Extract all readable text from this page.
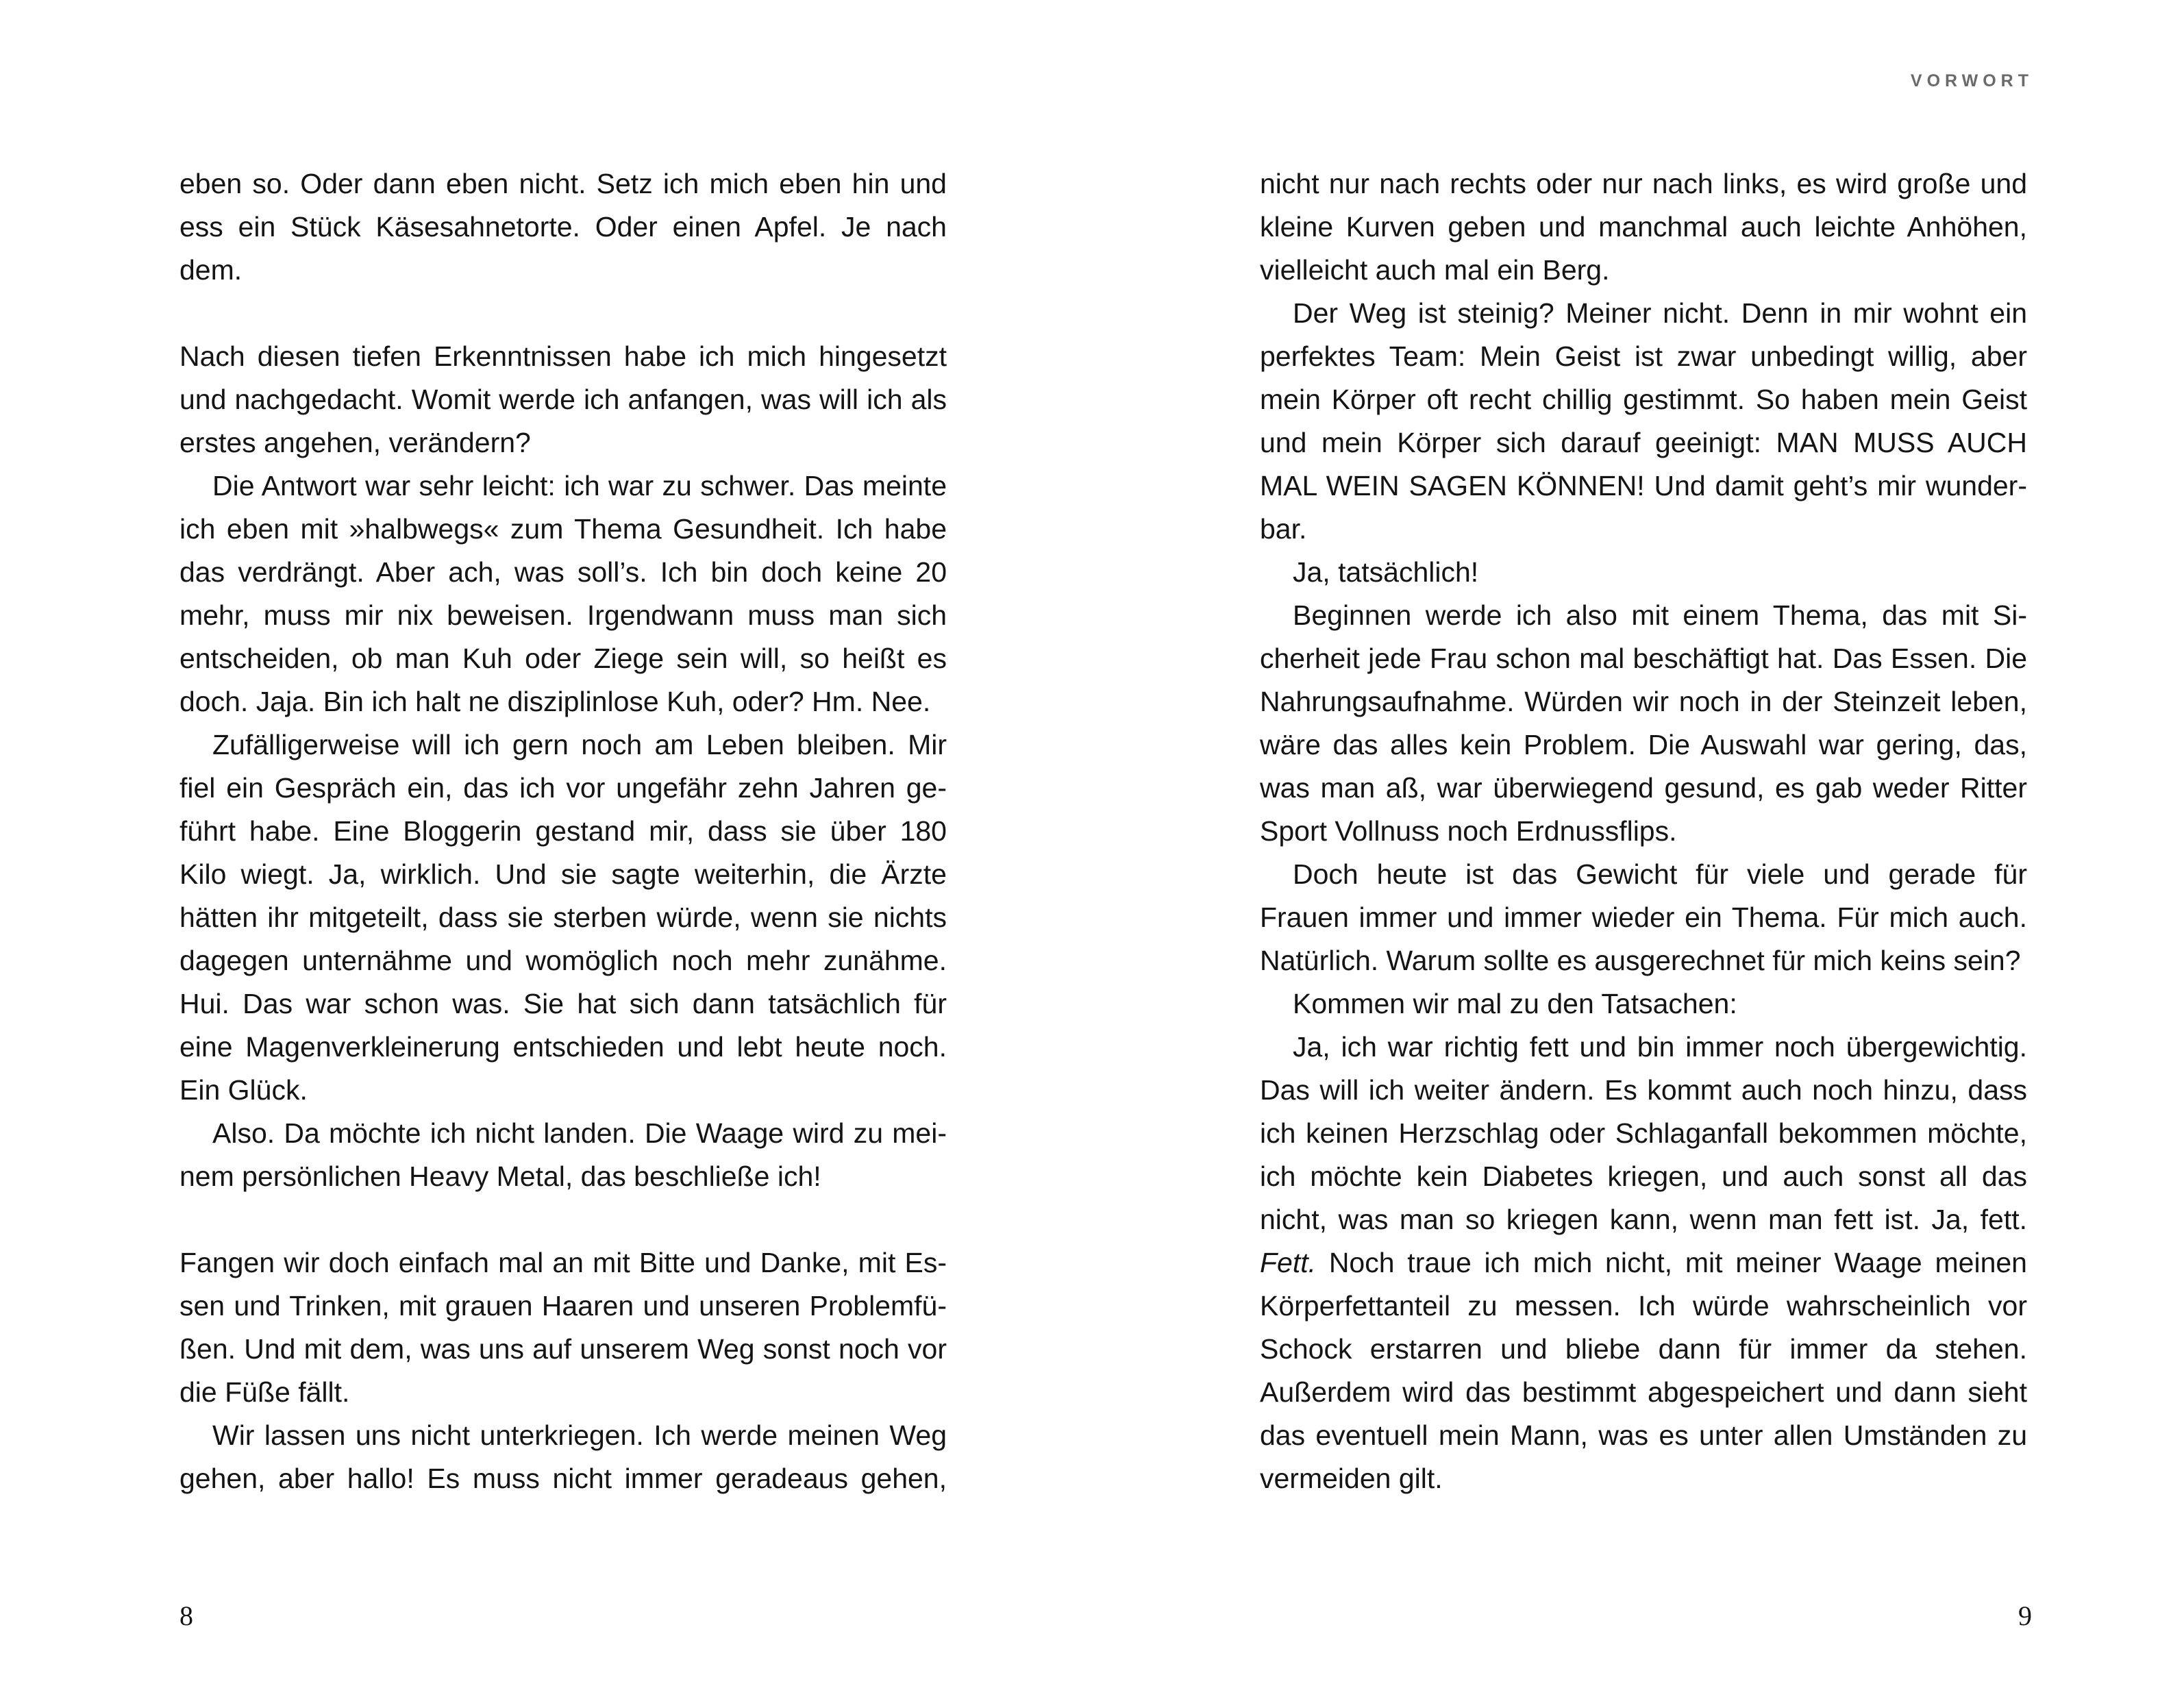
eben so. Oder dann eben nicht. Setz ich mich eben hin und ess ein Stück Käsesahnetorte. Oder einen Apfel. Je nach dem.

Nach diesen tiefen Erkenntnissen habe ich mich hingesetzt und nachgedacht. Womit werde ich anfangen, was will ich als erstes angehen, verändern?

Die Antwort war sehr leicht: ich war zu schwer. Das meinte ich eben mit »halbwegs« zum Thema Gesundheit. Ich habe das verdrängt. Aber ach, was soll’s. Ich bin doch keine 20 mehr, muss mir nix beweisen. Irgendwann muss man sich entscheiden, ob man Kuh oder Ziege sein will, so heißt es doch. Jaja. Bin ich halt ne disziplinlose Kuh, oder? Hm. Nee.

Zufälligerweise will ich gern noch am Leben bleiben. Mir fiel ein Gespräch ein, das ich vor ungefähr zehn Jahren geführt habe. Eine Bloggerin gestand mir, dass sie über 180 Kilo wiegt. Ja, wirklich. Und sie sagte weiterhin, die Ärzte hätten ihr mitgeteilt, dass sie sterben würde, wenn sie nichts dagegen unternähme und womöglich noch mehr zunähme. Hui. Das war schon was. Sie hat sich dann tatsächlich für eine Magenverkleinerung entschieden und lebt heute noch. Ein Glück.

Also. Da möchte ich nicht landen. Die Waage wird zu meinem persönlichen Heavy Metal, das beschließe ich!

Fangen wir doch einfach mal an mit Bitte und Danke, mit Essen und Trinken, mit grauen Haaren und unseren Problemfüßen. Und mit dem, was uns auf unserem Weg sonst noch vor die Füße fällt.

Wir lassen uns nicht unterkriegen. Ich werde meinen Weg gehen, aber hallo! Es muss nicht immer geradeaus gehen,

8
VORWORT

nicht nur nach rechts oder nur nach links, es wird große und kleine Kurven geben und manchmal auch leichte Anhöhen, vielleicht auch mal ein Berg.

Der Weg ist steinig? Meiner nicht. Denn in mir wohnt ein perfektes Team: Mein Geist ist zwar unbedingt willig, aber mein Körper oft recht chillig gestimmt. So haben mein Geist und mein Körper sich darauf geeinigt: MAN MUSS AUCH MAL WEIN SAGEN KÖNNEN! Und damit geht’s mir wunderbar.

Ja, tatsächlich!

Beginnen werde ich also mit einem Thema, das mit Sicherheit jede Frau schon mal beschäftigt hat. Das Essen. Die Nahrungsaufnahme. Würden wir noch in der Steinzeit leben, wäre das alles kein Problem. Die Auswahl war gering, das, was man aß, war überwiegend gesund, es gab weder Ritter Sport Vollnuss noch Erdnussflips.

Doch heute ist das Gewicht für viele und gerade für Frauen immer und immer wieder ein Thema. Für mich auch. Natürlich. Warum sollte es ausgerechnet für mich keins sein?

Kommen wir mal zu den Tatsachen:

Ja, ich war richtig fett und bin immer noch übergewichtig. Das will ich weiter ändern. Es kommt auch noch hinzu, dass ich keinen Herzschlag oder Schlaganfall bekommen möchte, ich möchte kein Diabetes kriegen, und auch sonst all das nicht, was man so kriegen kann, wenn man fett ist. Ja, fett. Fett. Noch traue ich mich nicht, mit meiner Waage meinen Körperfettanteil zu messen. Ich würde wahrscheinlich vor Schock erstarren und bliebe dann für immer da stehen. Außerdem wird das bestimmt abgespeichert und dann sieht das eventuell mein Mann, was es unter allen Umständen zu vermeiden gilt.

9
